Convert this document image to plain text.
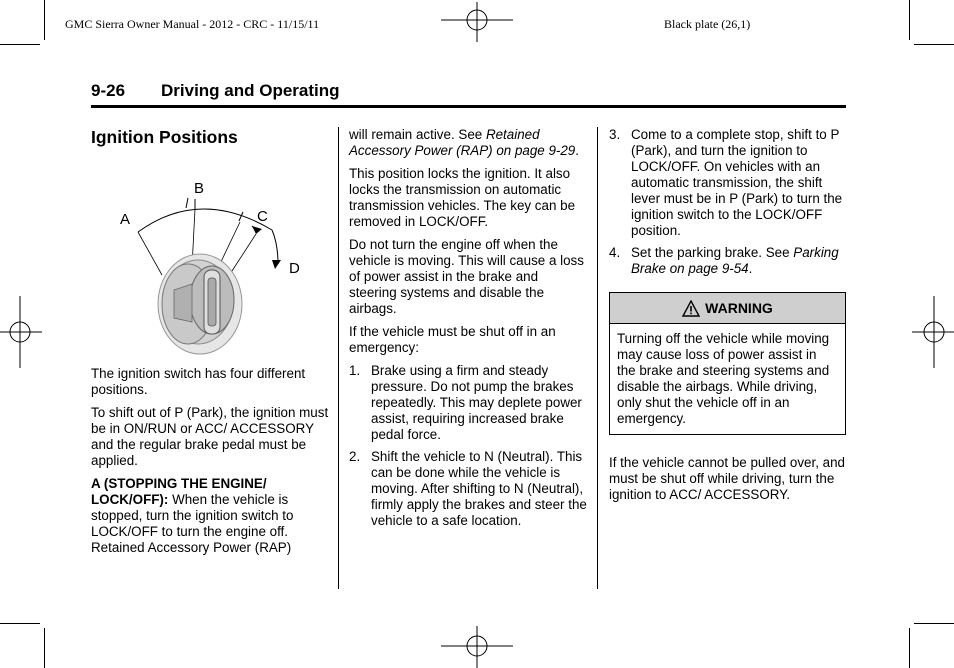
GMC Sierra Owner Manual - 2012 - CRC - 11/15/11	Black plate (26,1)
9-26 Driving and Operating
Ignition Positions
A
B
C
D

The ignition switch has four different positions.

To shift out of P (Park), the ignition must be in ON/RUN or ACC/ ACCESSORY and the regular brake pedal must be applied.

A (STOPPING THE ENGINE/ LOCK/OFF): When the vehicle is stopped, turn the ignition switch to LOCK/OFF to turn the engine off. Retained Accessory Power (RAP)

will remain active. See Retained Accessory Power (RAP) on page 9-29.

This position locks the ignition. It also locks the transmission on automatic transmission vehicles. The key can be removed in LOCK/OFF.

Do not turn the engine off when the vehicle is moving. This will cause a loss of power assist in the brake and steering systems and disable the airbags.

If the vehicle must be shut off in an emergency:

1. Brake using a firm and steady pressure. Do not pump the brakes repeatedly. This may deplete power assist, requiring increased brake pedal force.
2. Shift the vehicle to N (Neutral). This can be done while the vehicle is moving. After shifting to N (Neutral), firmly apply the brakes and steer the vehicle to a safe location.
3. Come to a complete stop, shift to P (Park), and turn the ignition to LOCK/OFF. On vehicles with an automatic transmission, the shift lever must be in P (Park) to turn the ignition switch to the LOCK/OFF position.
4. Set the parking brake. See Parking Brake on page 9-54.
WARNING
Turning off the vehicle while moving may cause loss of power assist in the brake and steering systems and disable the airbags. While driving, only shut the vehicle off in an emergency.

If the vehicle cannot be pulled over, and must be shut off while driving, turn the ignition to ACC/ ACCESSORY.
